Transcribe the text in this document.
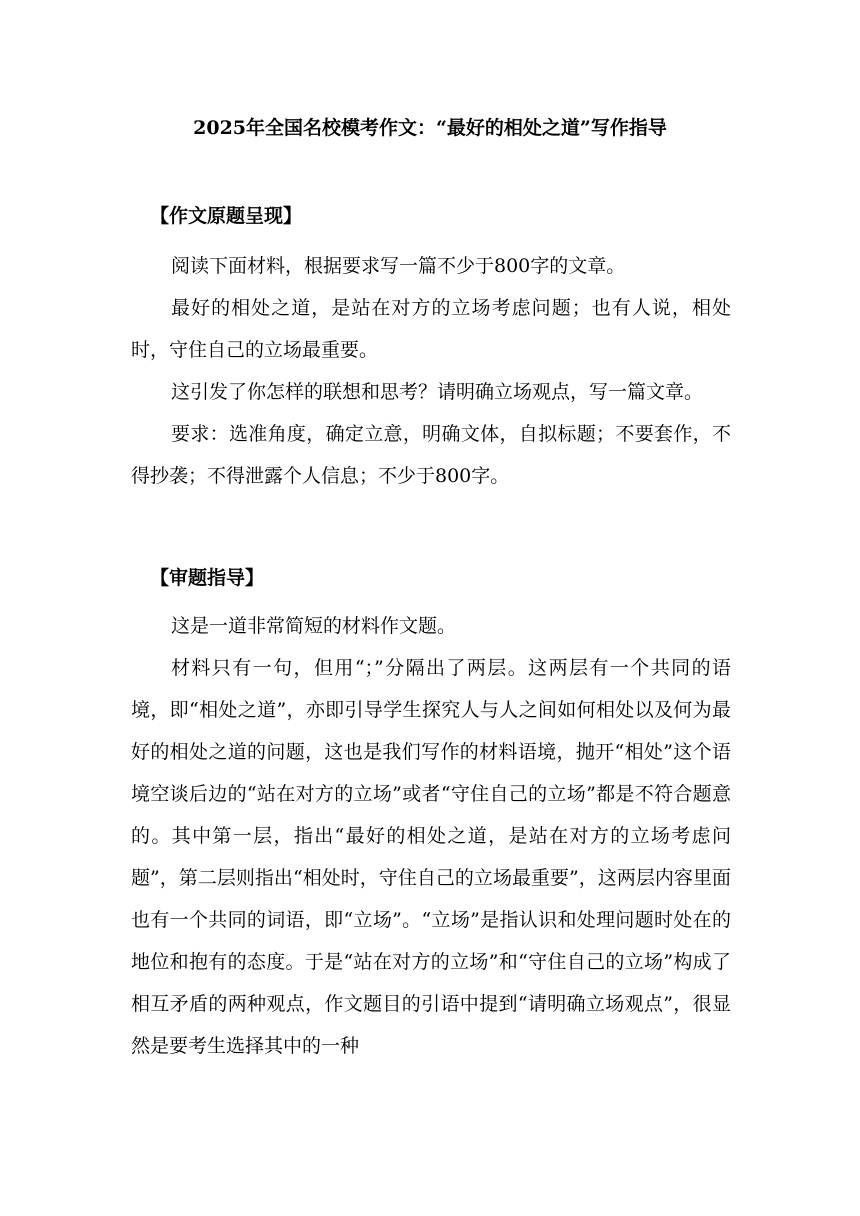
2025年全国名校模考作文：“最好的相处之道”写作指导
【作文原题呈现】

阅读下面材料，根据要求写一篇不少于800字的文章。

最好的相处之道，是站在对方的立场考虑问题；也有人说，相处时，守住自己的立场最重要。

这引发了你怎样的联想和思考？请明确立场观点，写一篇文章。

要求：选准角度，确定立意，明确文体，自拟标题；不要套作，不得抄袭；不得泄露个人信息；不少于800字。

【审题指导】

这是一道非常简短的材料作文题。

材料只有一句，但用“；”分隔出了两层。这两层有一个共同的语境，即“相处之道”，亦即引导学生探究人与人之间如何相处以及何为最好的相处之道的问题，这也是我们写作的材料语境，抛开“相处”这个语境空谈后边的“站在对方的立场”或者“守住自己的立场”都是不符合题意的。其中第一层，指出“最好的相处之道，是站在对方的立场考虑问题”，第二层则指出“相处时，守住自己的立场最重要”，这两层内容里面也有一个共同的词语，即“立场”。“立场”是指认识和处理问题时处在的地位和抱有的态度。于是“站在对方的立场”和“守住自己的立场”构成了相互矛盾的两种观点，作文题目的引语中提到“请明确立场观点”，很显然是要考生选择其中的一种
